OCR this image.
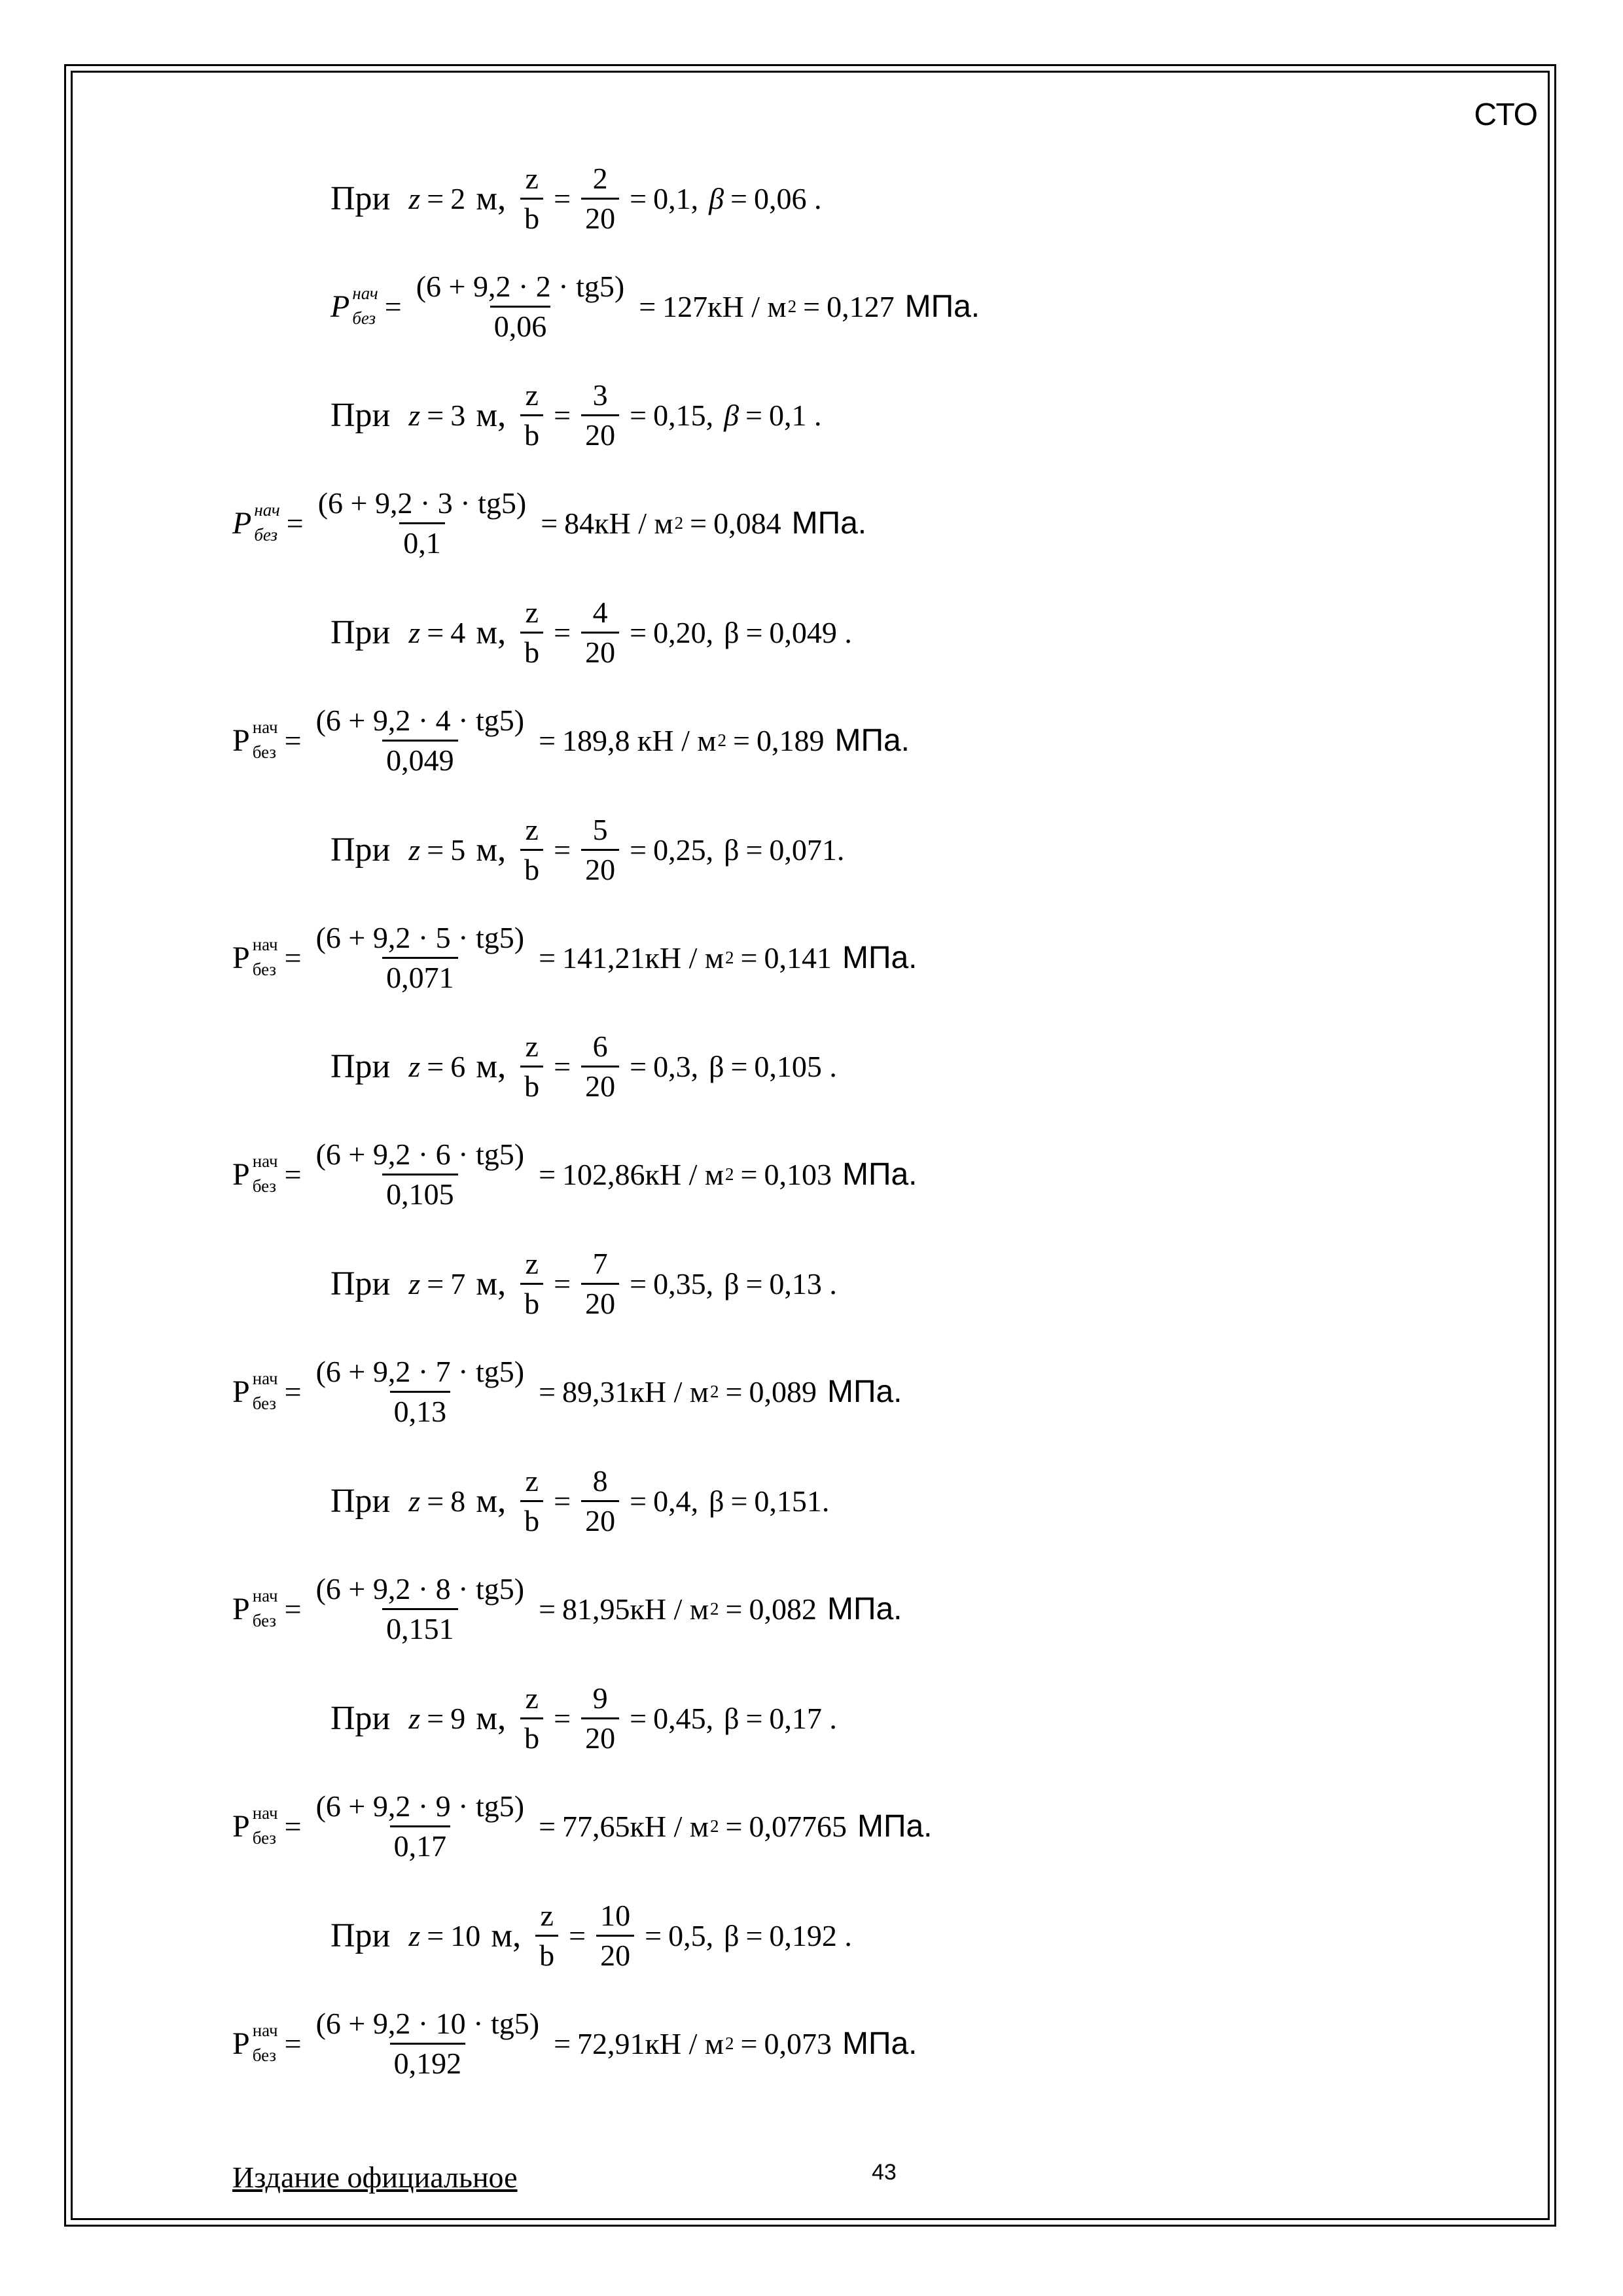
СТО
При z = 2 м, $\frac{z}{b} = \frac{2}{20} = 0,1$ , β = 0,06 .
P нач
без = $\frac{(6 + 9,2 \cdot 2 \cdot tg5)}{0,06} = 127кН / м$ 2 = 0,127 МПа.
При z = 3 м, $\frac{z}{b} = \frac{3}{20} = 0,15$ , β = 0,1 .
P нач
без = $\frac{(6 + 9,2 \cdot 3 \cdot tg5)}{0,1} = 84кН / м$ 2 = 0,084 МПа.
При z = 4 м, $\frac{z}{b} = \frac{4}{20} = 0,20$ , β = 0,049 .
P нач
без = $\frac{(6 + 9,2 \cdot 4 \cdot tg5)}{0,049} = 189,8$ кН / м 2 = 0,189 МПа.
При z = 5 м, $\frac{z}{b} = \frac{5}{20} = 0,25$ , β = 0,071 .
P нач
без = $\frac{(6 + 9,2 \cdot 5 \cdot tg5)}{0,071} = 141,21кН / м$ 2 = 0,141 МПа.
При z = 6 м, $\frac{z}{b} = \frac{6}{20} = 0,3$ , β = 0,105 .
P нач
без = $\frac{(6 + 9,2 \cdot 6 \cdot tg5)}{0,105} = 102,86кН / м$ 2 = 0,103 МПа.
При z = 7 м, $\frac{z}{b} = \frac{7}{20} = 0,35$ , β = 0,13 .
P нач
без = $\frac{(6 + 9,2 \cdot 7 \cdot tg5)}{0,13} = 89,31кН / м$ 2 = 0,089 МПа.
При z = 8 м, $\frac{z}{b} = \frac{8}{20} = 0,4$ , β = 0,151 .
P нач
без = $\frac{(6 + 9,2 \cdot 8 \cdot tg5)}{0,151} = 81,95кН / м$ 2 = 0,082 МПа.
При z = 9 м, $\frac{z}{b} = \frac{9}{20} = 0,45$ , β = 0,17 .
P нач
без = $\frac{(6 + 9,2 \cdot 9 \cdot tg5)}{0,17} = 77,65кН / м$ 2 = 0,07765 МПа.
При z = 10 м, $\frac{z}{b} = \frac{10}{20} = 0,5$ , β = 0,192 .
P нач
без = $\frac{(6 + 9,2 \cdot 10 \cdot tg5)}{0,192} = 72,91кН / м$ 2 = 0,073 МПа.
Издание официальное	43
